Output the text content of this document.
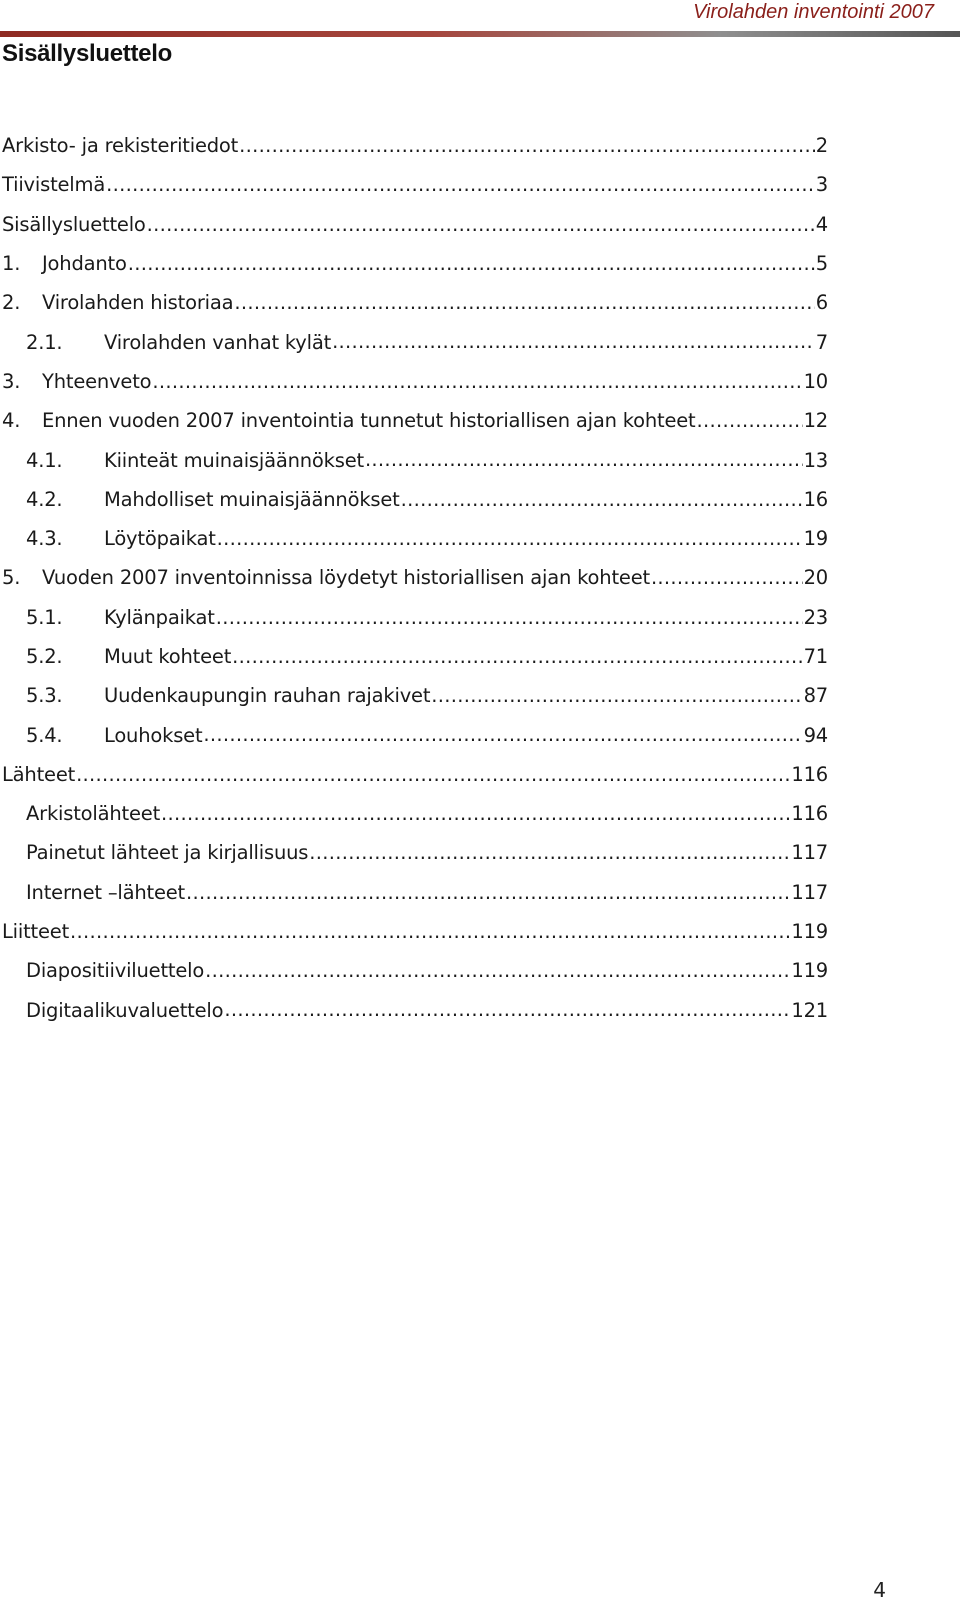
Virolahden inventointi 2007
Sisällysluettelo
Arkisto- ja rekisteritiedot .....	2
Tiivistelmä .....	3
Sisällysluettelo .....	4
1.	Johdanto .....	5
2.	Virolahden historiaa .....	6
2.1.	Virolahden vanhat kylät .....	7
3.	Yhteenveto .....	10
4.	Ennen vuoden 2007 inventointia tunnetut historiallisen ajan kohteet .....	12
4.1.	Kiinteät muinaisjäännökset .....	13
4.2.	Mahdolliset muinaisjäännökset .....	16
4.3.	Löytöpaikat .....	19
5.	Vuoden 2007 inventoinnissa löydetyt historiallisen ajan kohteet .....	20
5.1.	Kylänpaikat .....	23
5.2.	Muut kohteet .....	71
5.3.	Uudenkaupungin rauhan rajakivet .....	87
5.4.	Louhokset .....	94
Lähteet .....	116
Arkistolähteet .....	116
Painetut lähteet ja kirjallisuus .....	117
Internet –lähteet .....	117
Liitteet .....	119
Diapositiiviluettelo .....	119
Digitaalikuvaluettelo .....	121
4
